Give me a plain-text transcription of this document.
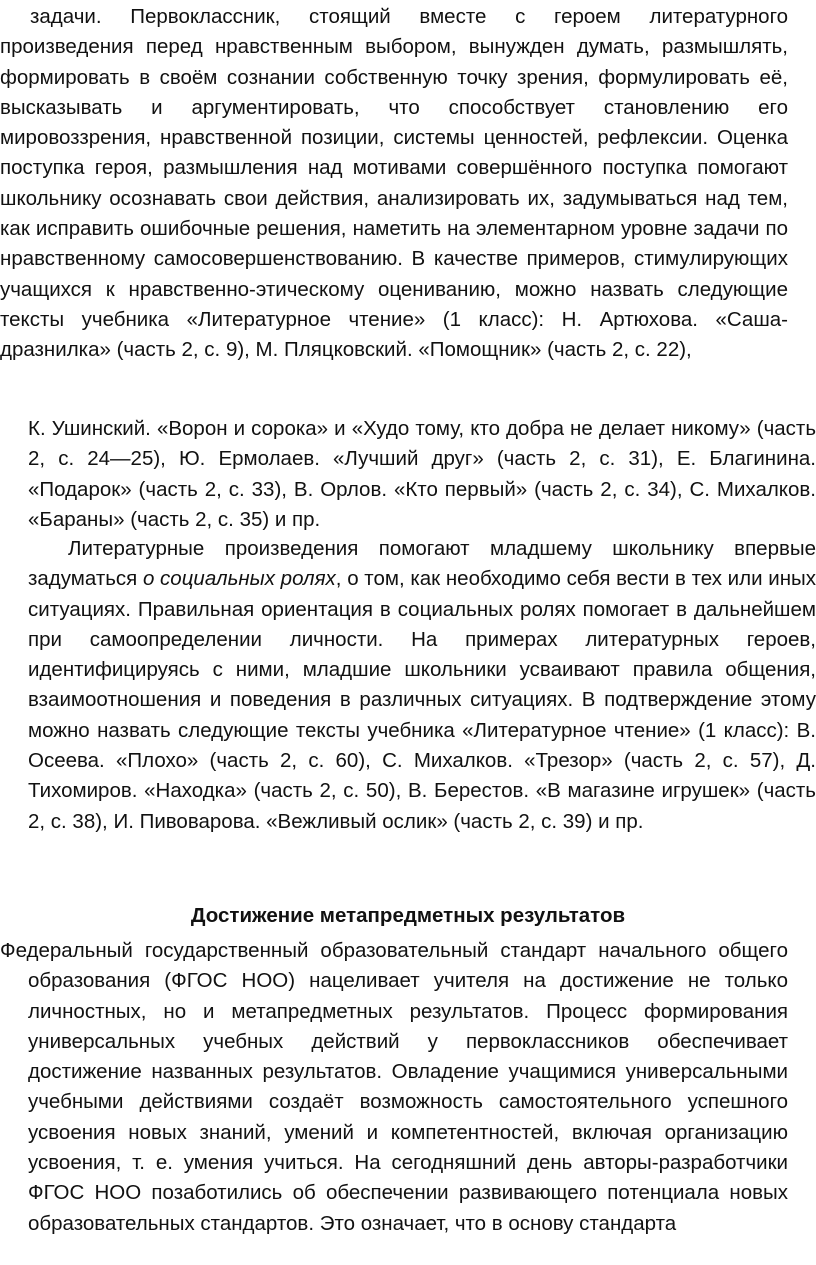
задачи. Первоклассник, стоящий вместе с героем литературного произведения перед нравственным выбором, вынужден думать, размышлять, формировать в своём сознании собственную точку зрения, формулировать её, высказывать и аргументировать, что способствует становлению его мировоззрения, нравственной позиции, системы ценностей, рефлексии. Оценка поступка героя, размышления над мотивами совершённого поступка помогают школьнику осознавать свои действия, анализировать их, задумываться над тем, как исправить ошибочные решения, наметить на элементарном уровне задачи по нравственному самосовершенствованию. В качестве примеров, стимулирующих учащихся к нравственно-этическому оцениванию, можно назвать следующие тексты учебника «Литературное чтение» (1 класс): Н. Артюхова. «Саша-дразнилка» (часть 2, с. 9), М. Пляцковский. «Помощник» (часть 2, с. 22),

К. Ушинский. «Ворон и сорока» и «Худо тому, кто добра не делает никому» (часть 2, с. 24—25), Ю. Ермолаев. «Лучший друг» (часть 2, с. 31), Е. Благинина. «Подарок» (часть 2, с. 33), В. Орлов. «Кто первый» (часть 2, с. 34), С. Михалков. «Бараны» (часть 2, с. 35) и пр.

Литературные произведения помогают младшему школьнику впервые задуматься о социальных ролях, о том, как необходимо себя вести в тех или иных ситуациях. Правильная ориентация в социальных ролях помогает в дальнейшем при самоопределении личности. На примерах литературных героев, идентифицируясь с ними, младшие школьники усваивают правила общения, взаимоотношения и поведения в различных ситуациях. В подтверждение этому можно назвать следующие тексты учебника «Литературное чтение» (1 класс): В. Осеева. «Плохо» (часть 2, с. 60), С. Михалков. «Трезор» (часть 2, с. 57), Д. Тихомиров. «Находка» (часть 2, с. 50), В. Берестов. «В магазине игрушек» (часть 2, с. 38), И. Пивоварова. «Вежливый ослик» (часть 2, с. 39) и пр.

Достижение метапредметных результатов

Федеральный государственный образовательный стандарт начального общего образования (ФГОС НОО) нацеливает учителя на достижение не только личностных, но и метапредметных результатов. Процесс формирования универсальных учебных действий у первоклассников обеспечивает достижение названных результатов. Овладение учащимися универсальными учебными действиями создаёт возможность самостоятельного успешного усвоения новых знаний, умений и компетентностей, включая организацию усвоения, т. е. умения учиться. На сегодняшний день авторы-разработчики ФГОС НОО позаботились об обеспечении развивающего потенциала новых образовательных стандартов. Это означает, что в основу стандарта
